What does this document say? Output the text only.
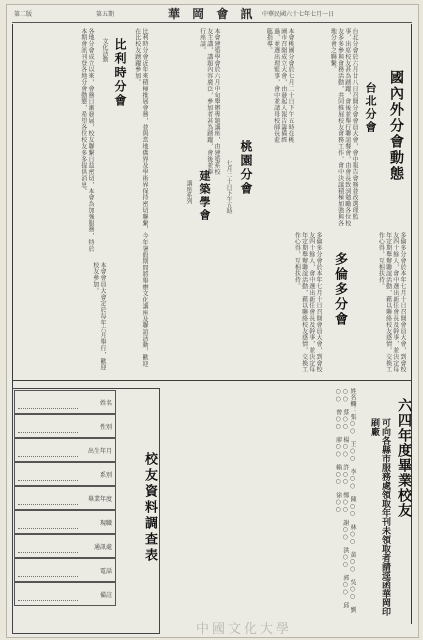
第二版	第五期	華 岡 會 訊 中華民國六十七年七月一日
國內外分會動態
台北分會
台北分會於六月廿八日召開分會會員大會，會中報告會務並改選理監事，出席校友甚為踴躍，會後並舉行聯誼餐會，由會長致詞勉勵各位校友多多參與會務活動，共同推展校友會務工作，會中決議積極加強與各地分會之聯繫。
桃園分會
本會桃園分會於七月二十日下午五時在桃園市召開成立大會，由發起人報告籌備經過，並選出理監事，會中並請母校師長蒞臨指導。
七月二十日下午五時
建築學會
講座系列
本會建築學會於六月中旬舉辦專題講座，由建築系校友主講，講題內容廣泛，參加者甚為踴躍，會後並舉行座談。
比利時分會
文化活動	比利時分會近年來積極推展會務，並與當地僑界及學術界保持密切聯繫，今年暑假期間將舉辦文化講座及聯誼活動，歡迎在比校友踴躍參加。
各地分會成立以來，會務日漸發展，校友聯繫日益密切，本會為加強服務，特於本期會訊刊登各地分會動態，希望各位校友多多提供消息。
本會會員大會定於每年六月舉行，歡迎校友參加。	多倫多分會
多倫多分會於本年七月十日召開會員大會，到會校友四十餘人，會中選出新任會長及幹事，並決定每年定期舉辦聯誼活動，藉以聯絡校友感情，交換工作心得，互相扶持。	多倫多分會於本年七月十日召開會員大會，到會校友四十餘人，會中選出新任會長及幹事，並決定每年定期舉辦聯誼活動，藉以聯絡校友感情，交換工作心得，互相扶持。
六四年度畢業校友
可向各縣市服務處領取年刊未領取者請逕函華岡印刷廠
姓名欄：張○○　王○○　李○○　陳○○　林○○　黃○○　吳○○　劉○○　蔡○○　楊○○　許○○　鄭○○　謝○○　洪○○　郭○○　邱○○　曾○○　廖○○　賴○○　徐○○
校友資料調查表
姓名
性別
出生年月
系別
畢業年度
現職
通訊處
電話
備註
中國文化大學
